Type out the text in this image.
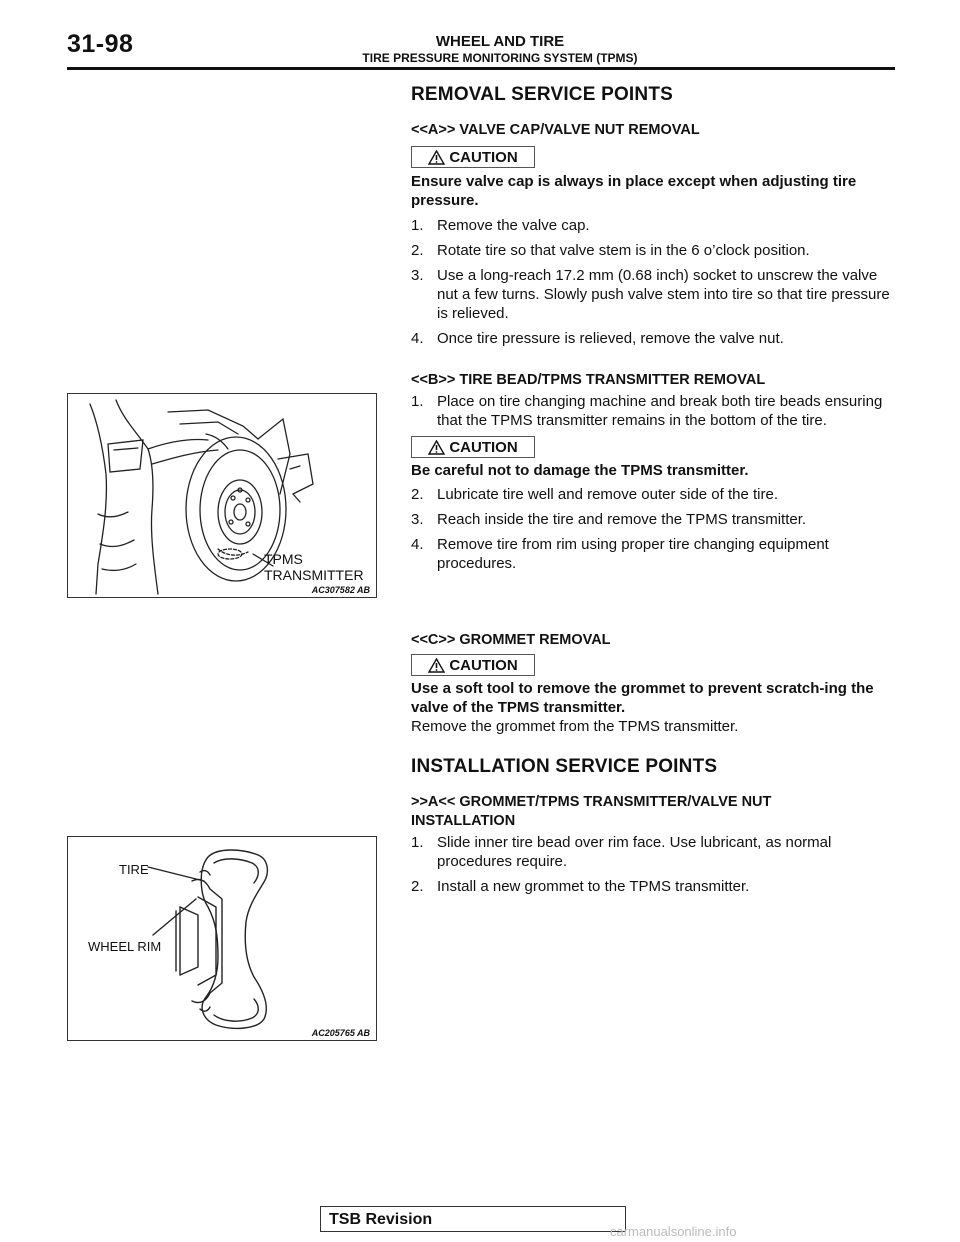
31-98	WHEEL AND TIRE
TIRE PRESSURE MONITORING SYSTEM (TPMS)
REMOVAL SERVICE POINTS
<<A>> VALVE CAP/VALVE NUT REMOVAL
CAUTION
Ensure valve cap is always in place except when adjusting tire pressure.
1. Remove the valve cap.
2. Rotate tire so that valve stem is in the 6 o’clock position.
3. Use a long-reach 17.2 mm (0.68 inch) socket to unscrew the valve nut a few turns. Slowly push valve stem into tire so that tire pressure is relieved.
4. Once tire pressure is relieved, remove the valve nut.
<<B>> TIRE BEAD/TPMS TRANSMITTER REMOVAL
1. Place on tire changing machine and break both tire beads ensuring that the TPMS transmitter remains in the bottom of the tire.
CAUTION
Be careful not to damage the TPMS transmitter.
2. Lubricate tire well and remove outer side of the tire.
3. Reach inside the tire and remove the TPMS transmitter.
4. Remove tire from rim using proper tire changing equipment procedures.
<<C>> GROMMET REMOVAL
CAUTION
Use a soft tool to remove the grommet to prevent scratch-ing the valve of the TPMS transmitter.
Remove the grommet from the TPMS transmitter.
INSTALLATION SERVICE POINTS
>>A<< GROMMET/TPMS TRANSMITTER/VALVE NUT INSTALLATION
1. Slide inner tire bead over rim face. Use lubricant, as normal procedures require.
2. Install a new grommet to the TPMS transmitter.
TPMS
TRANSMITTER
AC307582 AB
TIRE
WHEEL RIM
AC205765 AB
TSB Revision
carmanualsonline.info
